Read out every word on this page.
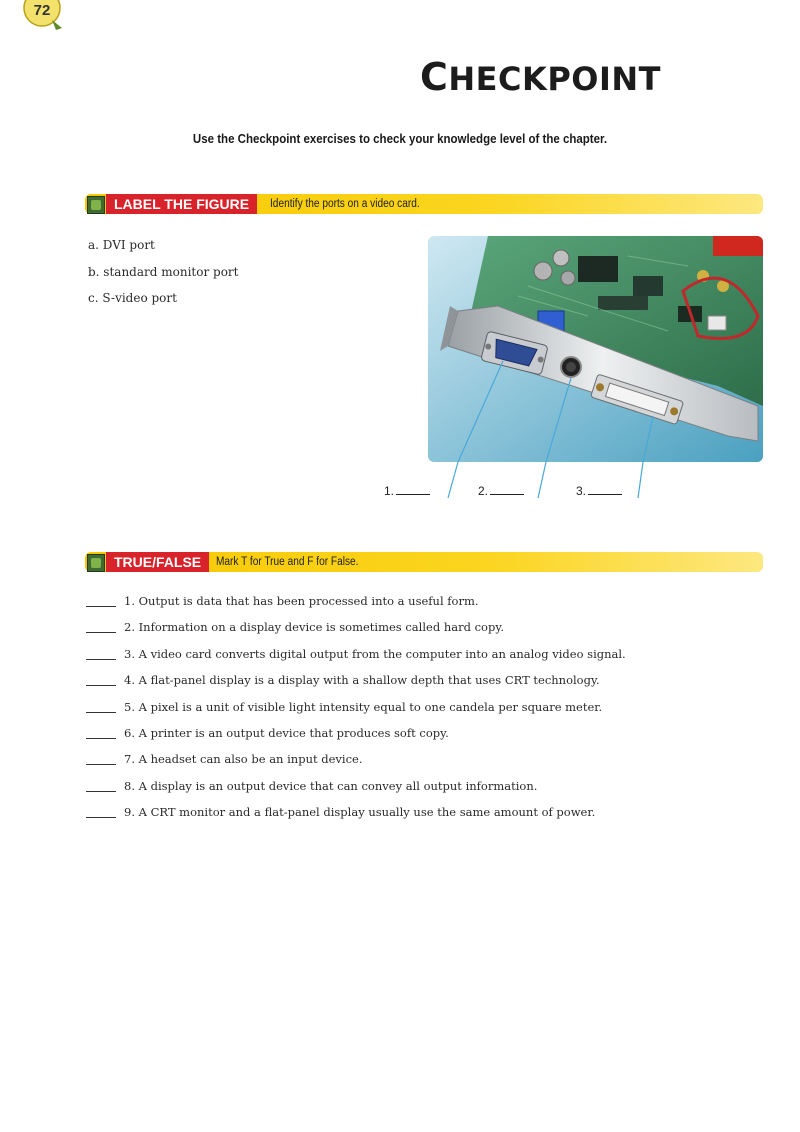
72
CHECKPOINT
Use the Checkpoint exercises to check your knowledge level of the chapter.
LABEL THE FIGURE	Identify the ports on a video card.
a. DVI port
b. standard monitor port
c. S-video port
1.	2.	3.
TRUE/FALSE	Mark T for True and F for False.
1. Output is data that has been processed into a useful form.
2. Information on a display device is sometimes called hard copy.
3. A video card converts digital output from the computer into an analog video signal.
4. A flat-panel display is a display with a shallow depth that uses CRT technology.
5. A pixel is a unit of visible light intensity equal to one candela per square meter.
6. A printer is an output device that produces soft copy.
7. A headset can also be an input device.
8. A display is an output device that can convey all output information.
9. A CRT monitor and a flat-panel display usually use the same amount of power.
